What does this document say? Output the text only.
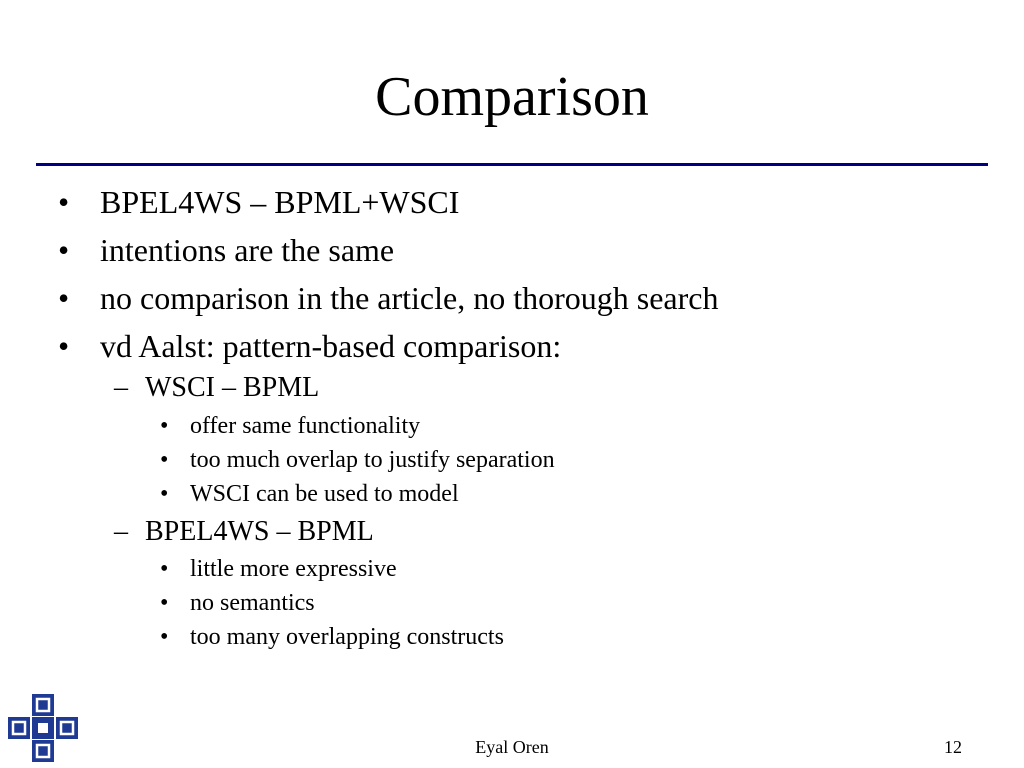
Comparison
• BPEL4WS – BPML+WSCI
• intentions are the same
• no comparison in the article, no thorough search
• vd Aalst: pattern-based comparison:
– WSCI – BPML
• offer same functionality
• too much overlap to justify separation
• WSCI can be used to model
– BPEL4WS – BPML
• little more expressive
• no semantics
• too many overlapping constructs
Eyal Oren	12
